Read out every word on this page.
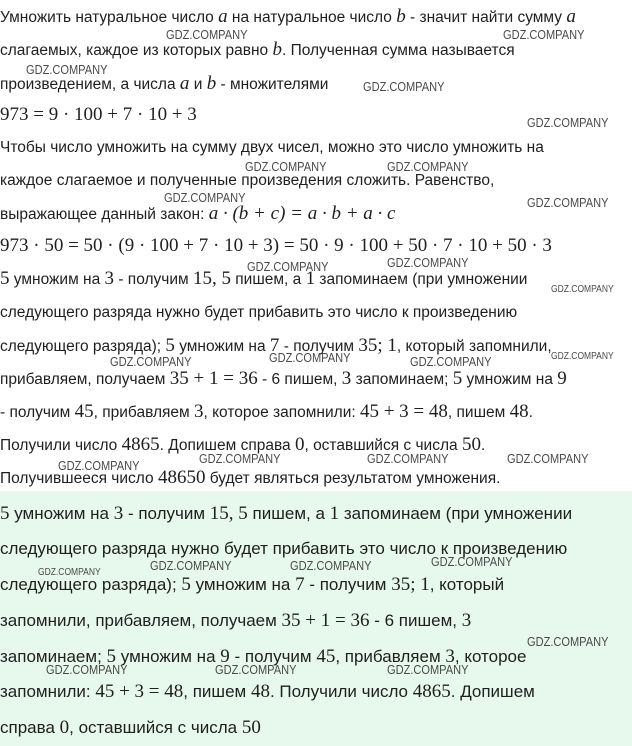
Умножить натуральное число a на натуральное число b - значит найти сумму a
слагаемых, каждое из которых равно b. Полученная сумма называется
произведением, а числа a и b - множителями
973 = 9 · 100 + 7 · 10 + 3
Чтобы число умножить на сумму двух чисел, можно это число умножить на
каждое слагаемое и полученные произведения сложить. Равенство,
выражающее данный закон: a · (b + c) = a · b + a · c
973 · 50 = 50 · (9 · 100 + 7 · 10 + 3) = 50 · 9 · 100 + 50 · 7 · 10 + 50 · 3
5 умножим на 3 - получим 15, 5 пишем, а 1 запоминаем (при умножении
следующего разряда нужно будет прибавить это число к произведению
следующего разряда); 5 умножим на 7 - получим 35; 1, который запомнили,
прибавляем, получаем 35 + 1 = 36 - 6 пишем, 3 запоминаем; 5 умножим на 9
- получим 45, прибавляем 3, которое запомнили: 45 + 3 = 48, пишем 48.
Получили число 4865. Допишем справа 0, оставшийся с числа 50.
Получившееся число 48650 будет являться результатом умножения.
5 умножим на 3 - получим 15, 5 пишем, а 1 запоминаем (при умножении
следующего разряда нужно будет прибавить это число к произведению
следующего разряда); 5 умножим на 7 - получим 35; 1, который
запомнили, прибавляем, получаем 35 + 1 = 36 - 6 пишем, 3
запоминаем; 5 умножим на 9 - получим 45, прибавляем 3, которое
запомнили: 45 + 3 = 48, пишем 48. Получили число 4865. Допишем
справа 0, оставшийся с числа 50
GDZ.COMPANY	GDZ.COMPANY
GDZ.COMPANY
GDZ.COMPANY
GDZ.COMPANY
GDZ.COMPANY	GDZ.COMPANY
GDZ.COMPANY	GDZ.COMPANY
GDZ.COMPANY	GDZ.COMPANY
GDZ.COMPANY
GDZ.COMPANY	GDZ.COMPANY	GDZ.COMPANY	GDZ.COMPANY
GDZ.COMPANY	GDZ.COMPANY	GDZ.COMPANY	GDZ.COMPANY
GDZ.COMPANY	GDZ.COMPANY	GDZ.COMPANY	GDZ.COMPANY
GDZ.COMPANY
GDZ.COMPANY	GDZ.COMPANY	GDZ.COMPANY
